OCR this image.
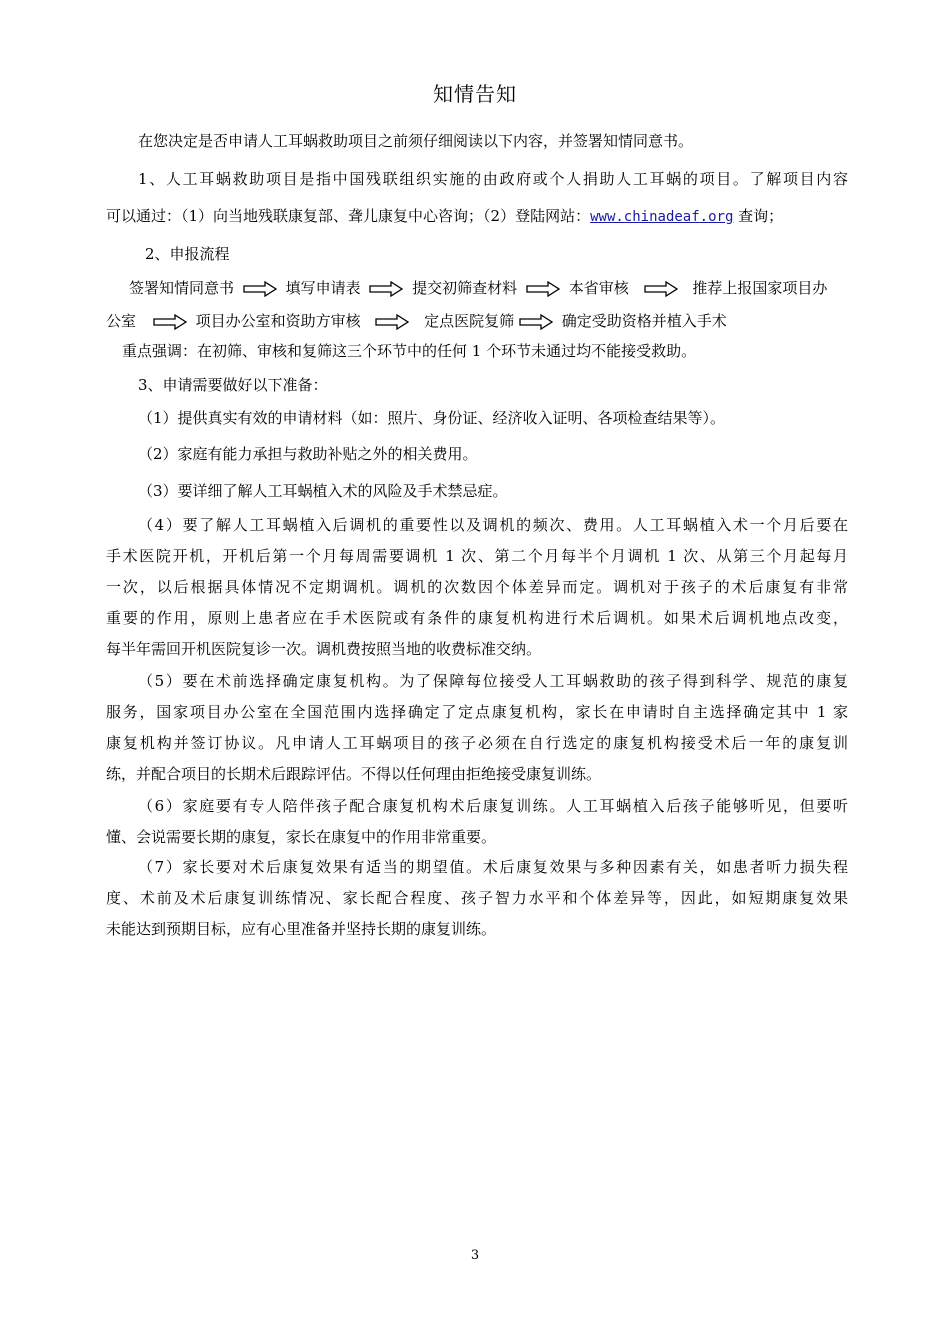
知情告知
在您决定是否申请人工耳蜗救助项目之前须仔细阅读以下内容，并签署知情同意书。
1、人工耳蜗救助项目是指中国残联组织实施的由政府或个人捐助人工耳蜗的项目。了解项目内容
可以通过：（1）向当地残联康复部、聋儿康复中心咨询；（2）登陆网站：www.chinadeaf.org 查询；
2、申报流程
签署知情同意书	填写申请表	提交初筛查材料	本省审核	推荐上报国家项目办
公室	项目办公室和资助方审核	定点医院复筛	确定受助资格并植入手术
重点强调：在初筛、审核和复筛这三个环节中的任何 1 个环节未通过均不能接受救助。
3、申请需要做好以下准备：
（1）提供真实有效的申请材料（如：照片、身份证、经济收入证明、各项检查结果等）。
（2）家庭有能力承担与救助补贴之外的相关费用。
（3）要详细了解人工耳蜗植入术的风险及手术禁忌症。
（4）要了解人工耳蜗植入后调机的重要性以及调机的频次、费用。人工耳蜗植入术一个月后要在
手术医院开机，开机后第一个月每周需要调机 1 次、第二个月每半个月调机 1 次、从第三个月起每月
一次，以后根据具体情况不定期调机。调机的次数因个体差异而定。调机对于孩子的术后康复有非常
重要的作用，原则上患者应在手术医院或有条件的康复机构进行术后调机。如果术后调机地点改变，
每半年需回开机医院复诊一次。调机费按照当地的收费标准交纳。
（5）要在术前选择确定康复机构。为了保障每位接受人工耳蜗救助的孩子得到科学、规范的康复
服务，国家项目办公室在全国范围内选择确定了定点康复机构，家长在申请时自主选择确定其中 1 家
康复机构并签订协议。凡申请人工耳蜗项目的孩子必须在自行选定的康复机构接受术后一年的康复训
练，并配合项目的长期术后跟踪评估。不得以任何理由拒绝接受康复训练。
（6）家庭要有专人陪伴孩子配合康复机构术后康复训练。人工耳蜗植入后孩子能够听见，但要听
懂、会说需要长期的康复，家长在康复中的作用非常重要。
（7）家长要对术后康复效果有适当的期望值。术后康复效果与多种因素有关，如患者听力损失程
度、术前及术后康复训练情况、家长配合程度、孩子智力水平和个体差异等，因此，如短期康复效果
未能达到预期目标，应有心里准备并坚持长期的康复训练。
3
